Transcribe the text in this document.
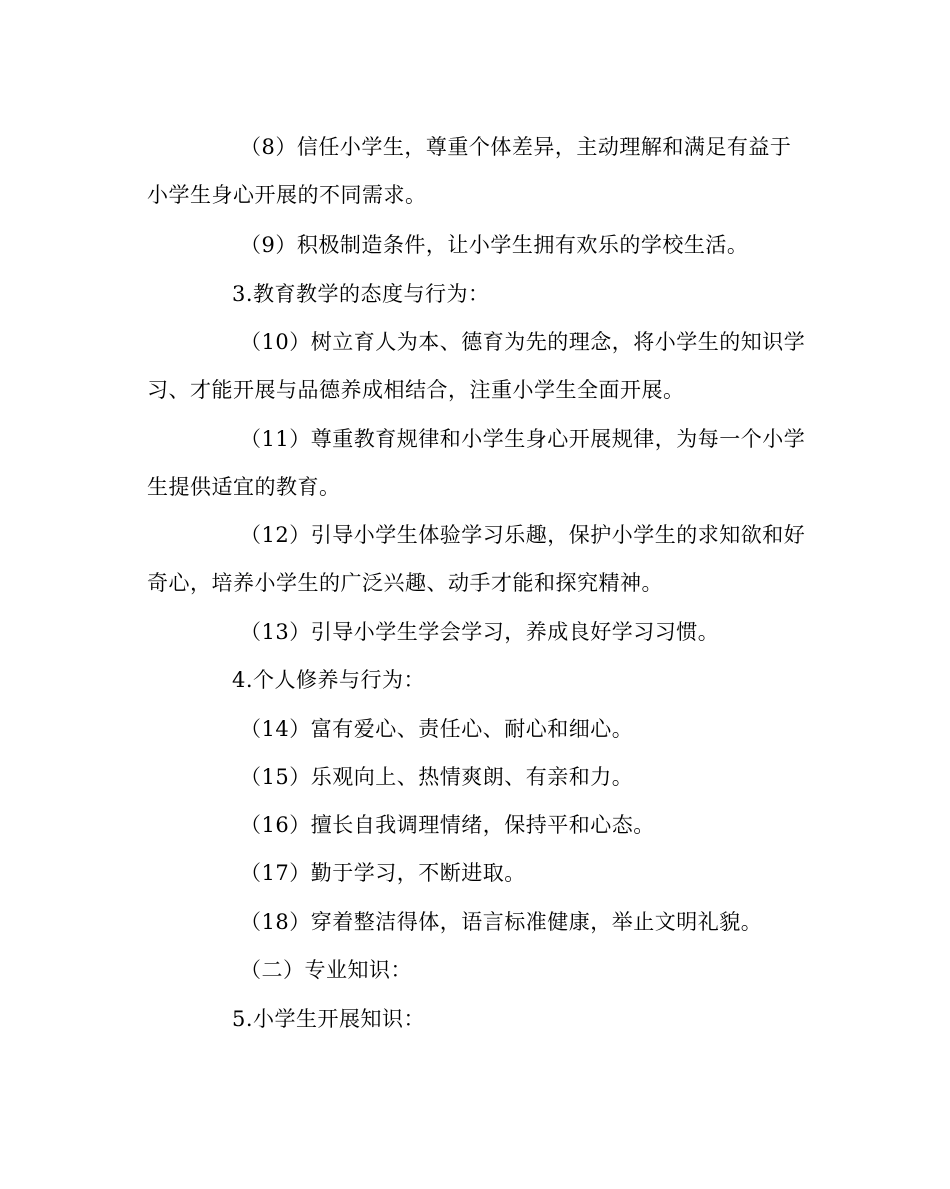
（8）信任小学生，尊重个体差异，主动理解和满足有益于
小学生身心开展的不同需求。
（9）积极制造条件，让小学生拥有欢乐的学校生活。
3.教育教学的态度与行为：
（10）树立育人为本、德育为先的理念，将小学生的知识学
习、才能开展与品德养成相结合，注重小学生全面开展。
（11）尊重教育规律和小学生身心开展规律，为每一个小学
生提供适宜的教育。
（12）引导小学生体验学习乐趣，保护小学生的求知欲和好
奇心，培养小学生的广泛兴趣、动手才能和探究精神。
（13）引导小学生学会学习，养成良好学习习惯。
4.个人修养与行为：
（14）富有爱心、责任心、耐心和细心。
（15）乐观向上、热情爽朗、有亲和力。
（16）擅长自我调理情绪，保持平和心态。
（17）勤于学习，不断进取。
（18）穿着整洁得体，语言标准健康，举止文明礼貌。
（二）专业知识：
5.小学生开展知识：
